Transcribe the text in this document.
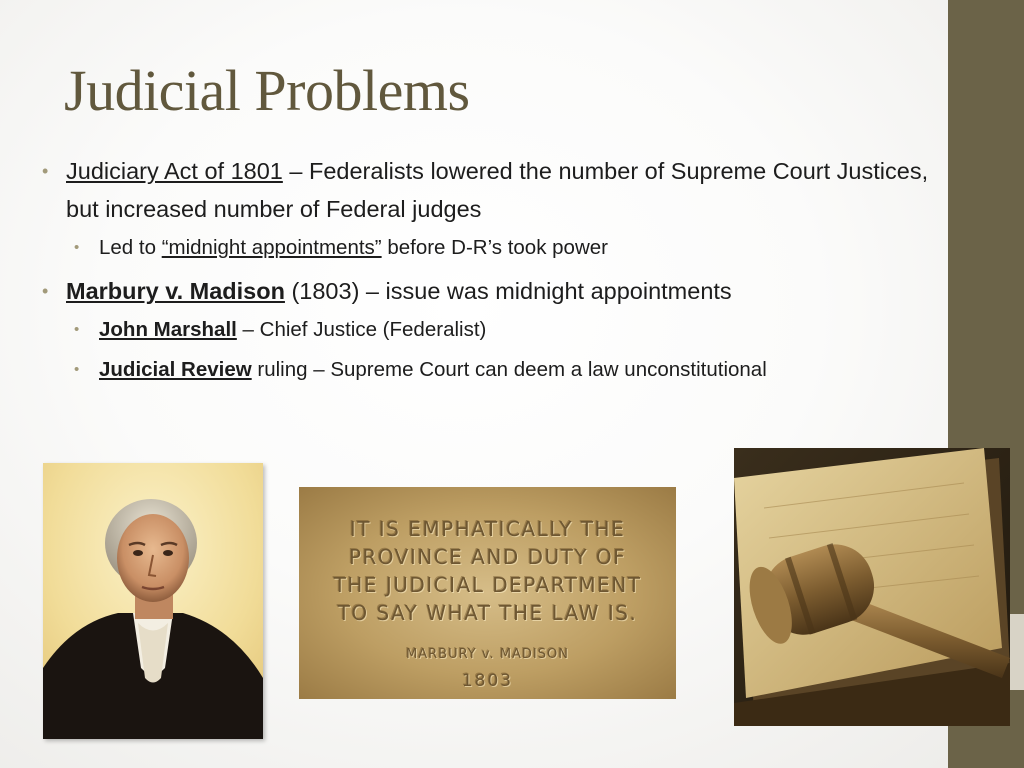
Judicial Problems
• Judiciary Act of 1801 – Federalists lowered the number of Supreme Court Justices, but increased number of Federal judges
• Led to “midnight appointments” before D-R’s took power
• Marbury v. Madison (1803) – issue was midnight appointments
• John Marshall – Chief Justice (Federalist)
• Judicial Review ruling – Supreme Court can deem a law unconstitutional
IT IS EMPHATICALLY THE
PROVINCE AND DUTY OF
THE JUDICIAL DEPARTMENT
TO SAY WHAT THE LAW IS.
MARBURY v. MADISON
1803
